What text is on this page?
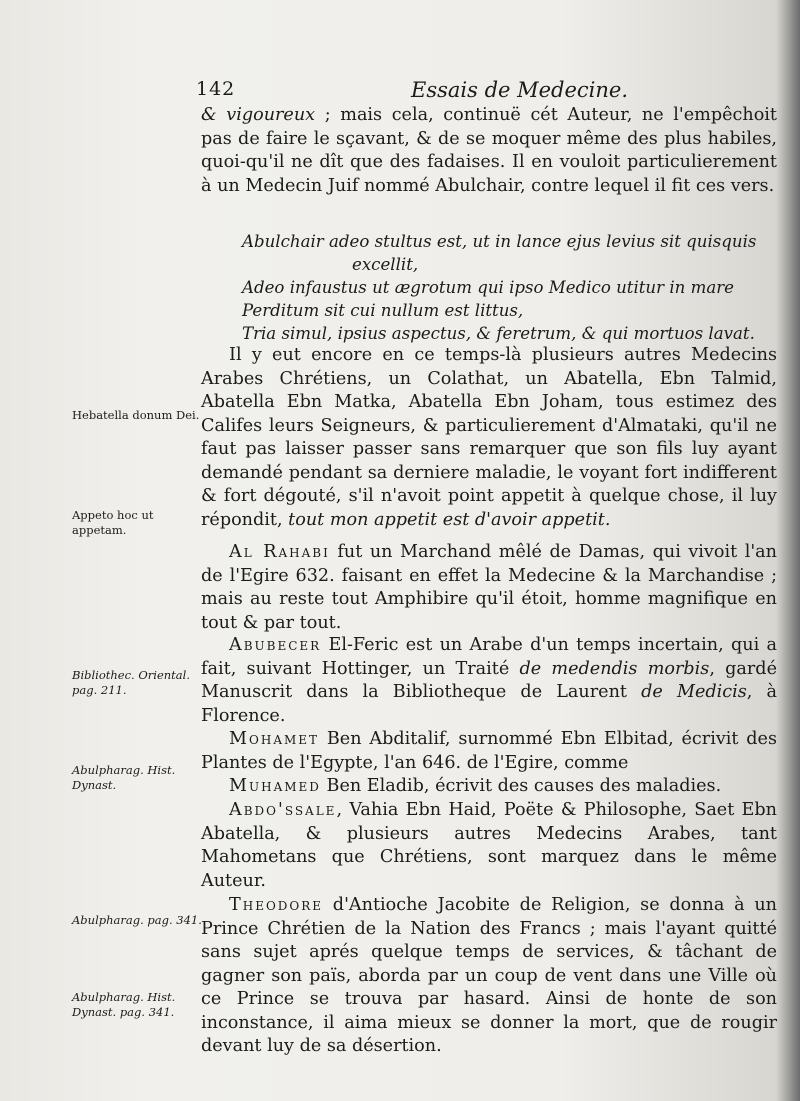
142	Essais de Medecine.

& vigoureux ; mais cela, continuë cét Auteur, ne l'empêchoit pas de faire le sçavant, & de se moquer même des plus habiles, quoi-qu'il ne dît que des fadaises. Il en vouloit particulierement à un Medecin Juif nommé Abulchair, contre lequel il fit ces vers.

Abulchair adeo stultus est, ut in lance ejus levius sit quisquis
excellit,
Adeo infaustus ut ægrotum qui ipso Medico utitur in mare
Perditum sit cui nullum est littus,
Tria simul, ipsius aspectus, & feretrum, & qui mortuos lavat.

Il y eut encore en ce temps-là plusieurs autres Medecins Arabes Chrétiens, un Colathat, un Abatella, Ebn Talmid, Abatella Ebn Matka, Abatella Ebn Joham, tous estimez des Califes leurs Seigneurs, & particulierement d'Almataki, qu'il ne faut pas laisser passer sans remarquer que son fils luy ayant demandé pendant sa derniere maladie, le voyant fort indifferent & fort dégouté, s'il n'avoit point appetit à quelque chose, il luy répondit, tout mon appetit est d'avoir appetit.

Al Rahabi fut un Marchand mêlé de Damas, qui vivoit l'an de l'Egire 632. faisant en effet la Medecine & la Marchandise ; mais au reste tout Amphibire qu'il étoit, homme magnifique en tout & par tout.

Abubecer El-Feric est un Arabe d'un temps incertain, qui a fait, suivant Hottinger, un Traité de medendis morbis, gardé Manuscrit dans la Bibliotheque de Laurent de Medicis, à Florence.

Mohamet Ben Abditalif, surnommé Ebn Elbitad, écrivit des Plantes de l'Egypte, l'an 646. de l'Egire, comme

Muhamed Ben Eladib, écrivit des causes des maladies.

Abdo'ssale, Vahia Ebn Haid, Poëte & Philosophe, Saet Ebn Abatella, & plusieurs autres Medecins Arabes, tant Mahometans que Chrétiens, sont marquez dans le même Auteur.

Theodore d'Antioche Jacobite de Religion, se donna à un Prince Chrétien de la Nation des Francs ; mais l'ayant quitté sans sujet aprés quelque temps de services, & tâchant de gagner son païs, aborda par un coup de vent dans une Ville où ce Prince se trouva par hasard. Ainsi de honte de son inconstance, il aima mieux se donner la mort, que de rougir devant luy de sa désertion.

Hebatella donum Dei.
Appeto hoc ut appetam.
Bibliothec. Oriental. pag. 211.
Abulpharag. Hist. Dynast.
Abulpharag. pag. 341.
Abulpharag. Hist. Dynast. pag. 341.
